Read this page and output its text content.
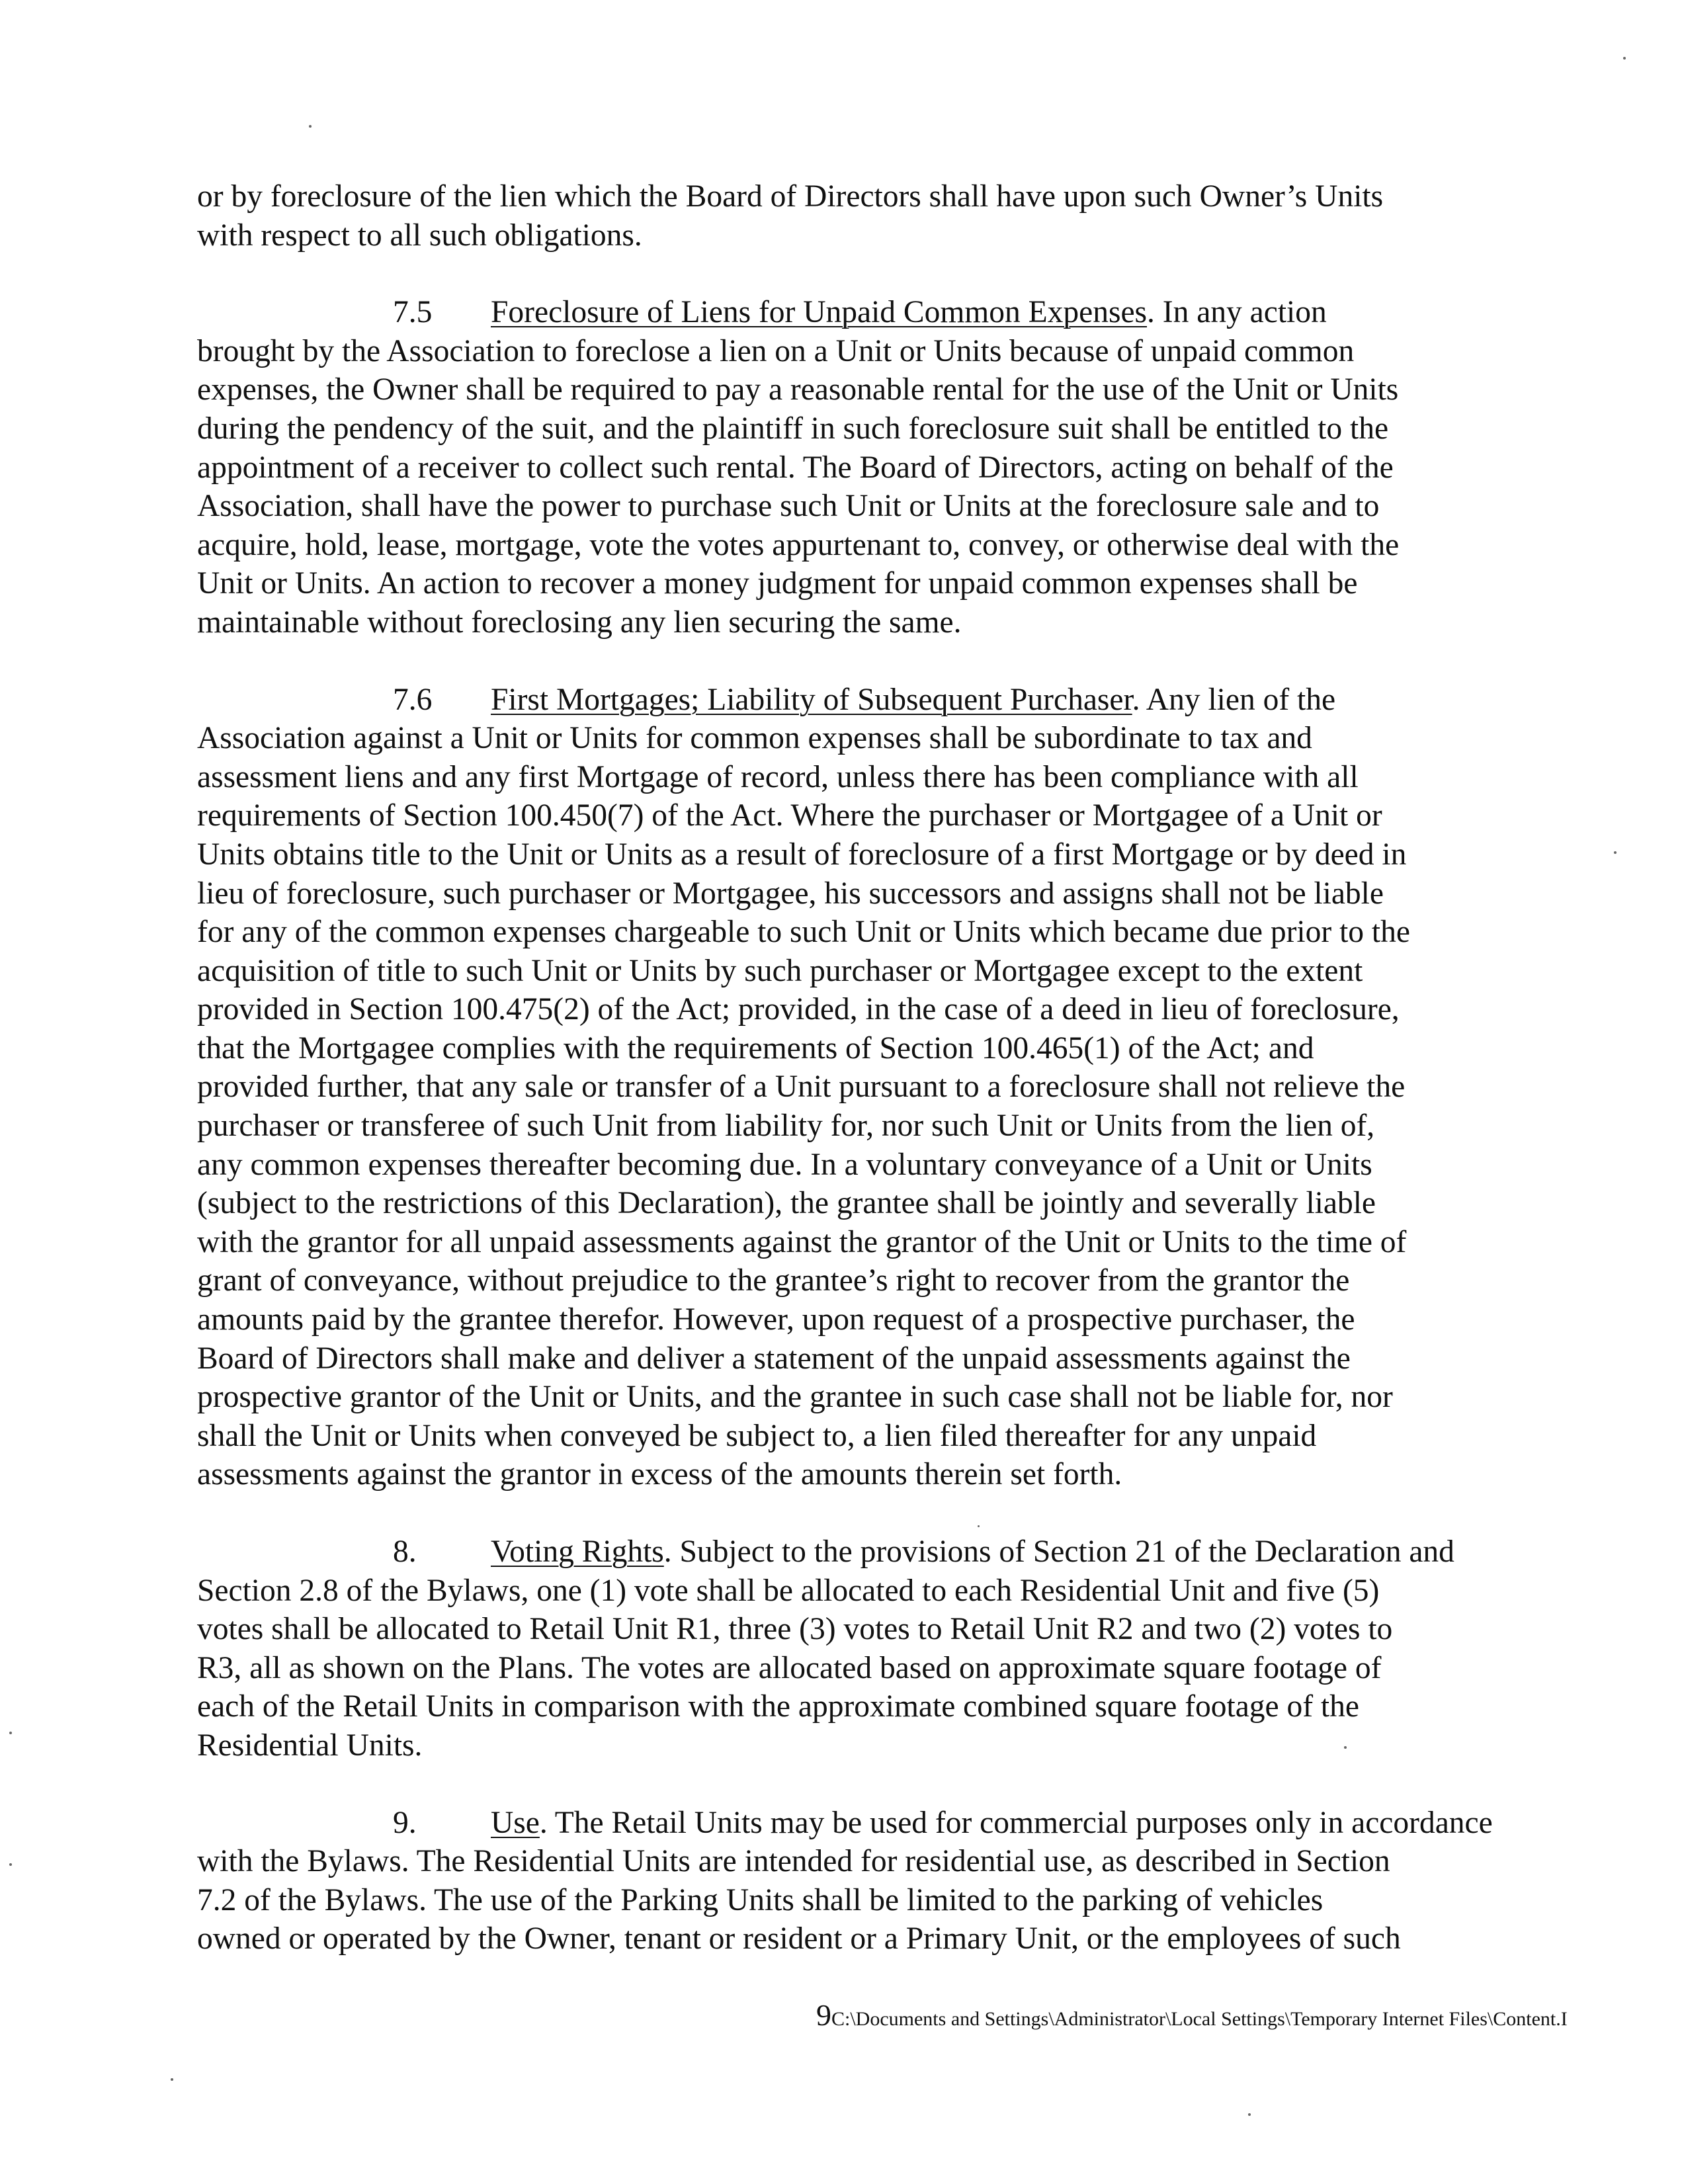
or by foreclosure of the lien which the Board of Directors shall have upon such Owner’s Units
with respect to all such obligations.
7.5 Foreclosure of Liens for Unpaid Common Expenses. In any action
brought by the Association to foreclose a lien on a Unit or Units because of unpaid common
expenses, the Owner shall be required to pay a reasonable rental for the use of the Unit or Units
during the pendency of the suit, and the plaintiff in such foreclosure suit shall be entitled to the
appointment of a receiver to collect such rental. The Board of Directors, acting on behalf of the
Association, shall have the power to purchase such Unit or Units at the foreclosure sale and to
acquire, hold, lease, mortgage, vote the votes appurtenant to, convey, or otherwise deal with the
Unit or Units. An action to recover a money judgment for unpaid common expenses shall be
maintainable without foreclosing any lien securing the same.
7.6 First Mortgages; Liability of Subsequent Purchaser. Any lien of the
Association against a Unit or Units for common expenses shall be subordinate to tax and
assessment liens and any first Mortgage of record, unless there has been compliance with all
requirements of Section 100.450(7) of the Act. Where the purchaser or Mortgagee of a Unit or
Units obtains title to the Unit or Units as a result of foreclosure of a first Mortgage or by deed in
lieu of foreclosure, such purchaser or Mortgagee, his successors and assigns shall not be liable
for any of the common expenses chargeable to such Unit or Units which became due prior to the
acquisition of title to such Unit or Units by such purchaser or Mortgagee except to the extent
provided in Section 100.475(2) of the Act; provided, in the case of a deed in lieu of foreclosure,
that the Mortgagee complies with the requirements of Section 100.465(1) of the Act; and
provided further, that any sale or transfer of a Unit pursuant to a foreclosure shall not relieve the
purchaser or transferee of such Unit from liability for, nor such Unit or Units from the lien of,
any common expenses thereafter becoming due. In a voluntary conveyance of a Unit or Units
(subject to the restrictions of this Declaration), the grantee shall be jointly and severally liable
with the grantor for all unpaid assessments against the grantor of the Unit or Units to the time of
grant of conveyance, without prejudice to the grantee’s right to recover from the grantor the
amounts paid by the grantee therefor. However, upon request of a prospective purchaser, the
Board of Directors shall make and deliver a statement of the unpaid assessments against the
prospective grantor of the Unit or Units, and the grantee in such case shall not be liable for, nor
shall the Unit or Units when conveyed be subject to, a lien filed thereafter for any unpaid
assessments against the grantor in excess of the amounts therein set forth.
8. Voting Rights. Subject to the provisions of Section 21 of the Declaration and
Section 2.8 of the Bylaws, one (1) vote shall be allocated to each Residential Unit and five (5)
votes shall be allocated to Retail Unit R1, three (3) votes to Retail Unit R2 and two (2) votes to
R3, all as shown on the Plans. The votes are allocated based on approximate square footage of
each of the Retail Units in comparison with the approximate combined square footage of the
Residential Units.
9. Use. The Retail Units may be used for commercial purposes only in accordance
with the Bylaws. The Residential Units are intended for residential use, as described in Section
7.2 of the Bylaws. The use of the Parking Units shall be limited to the parking of vehicles
owned or operated by the Owner, tenant or resident or a Primary Unit, or the employees of such
9C:\Documents and Settings\Administrator\Local Settings\Temporary Internet Files\Content.I
